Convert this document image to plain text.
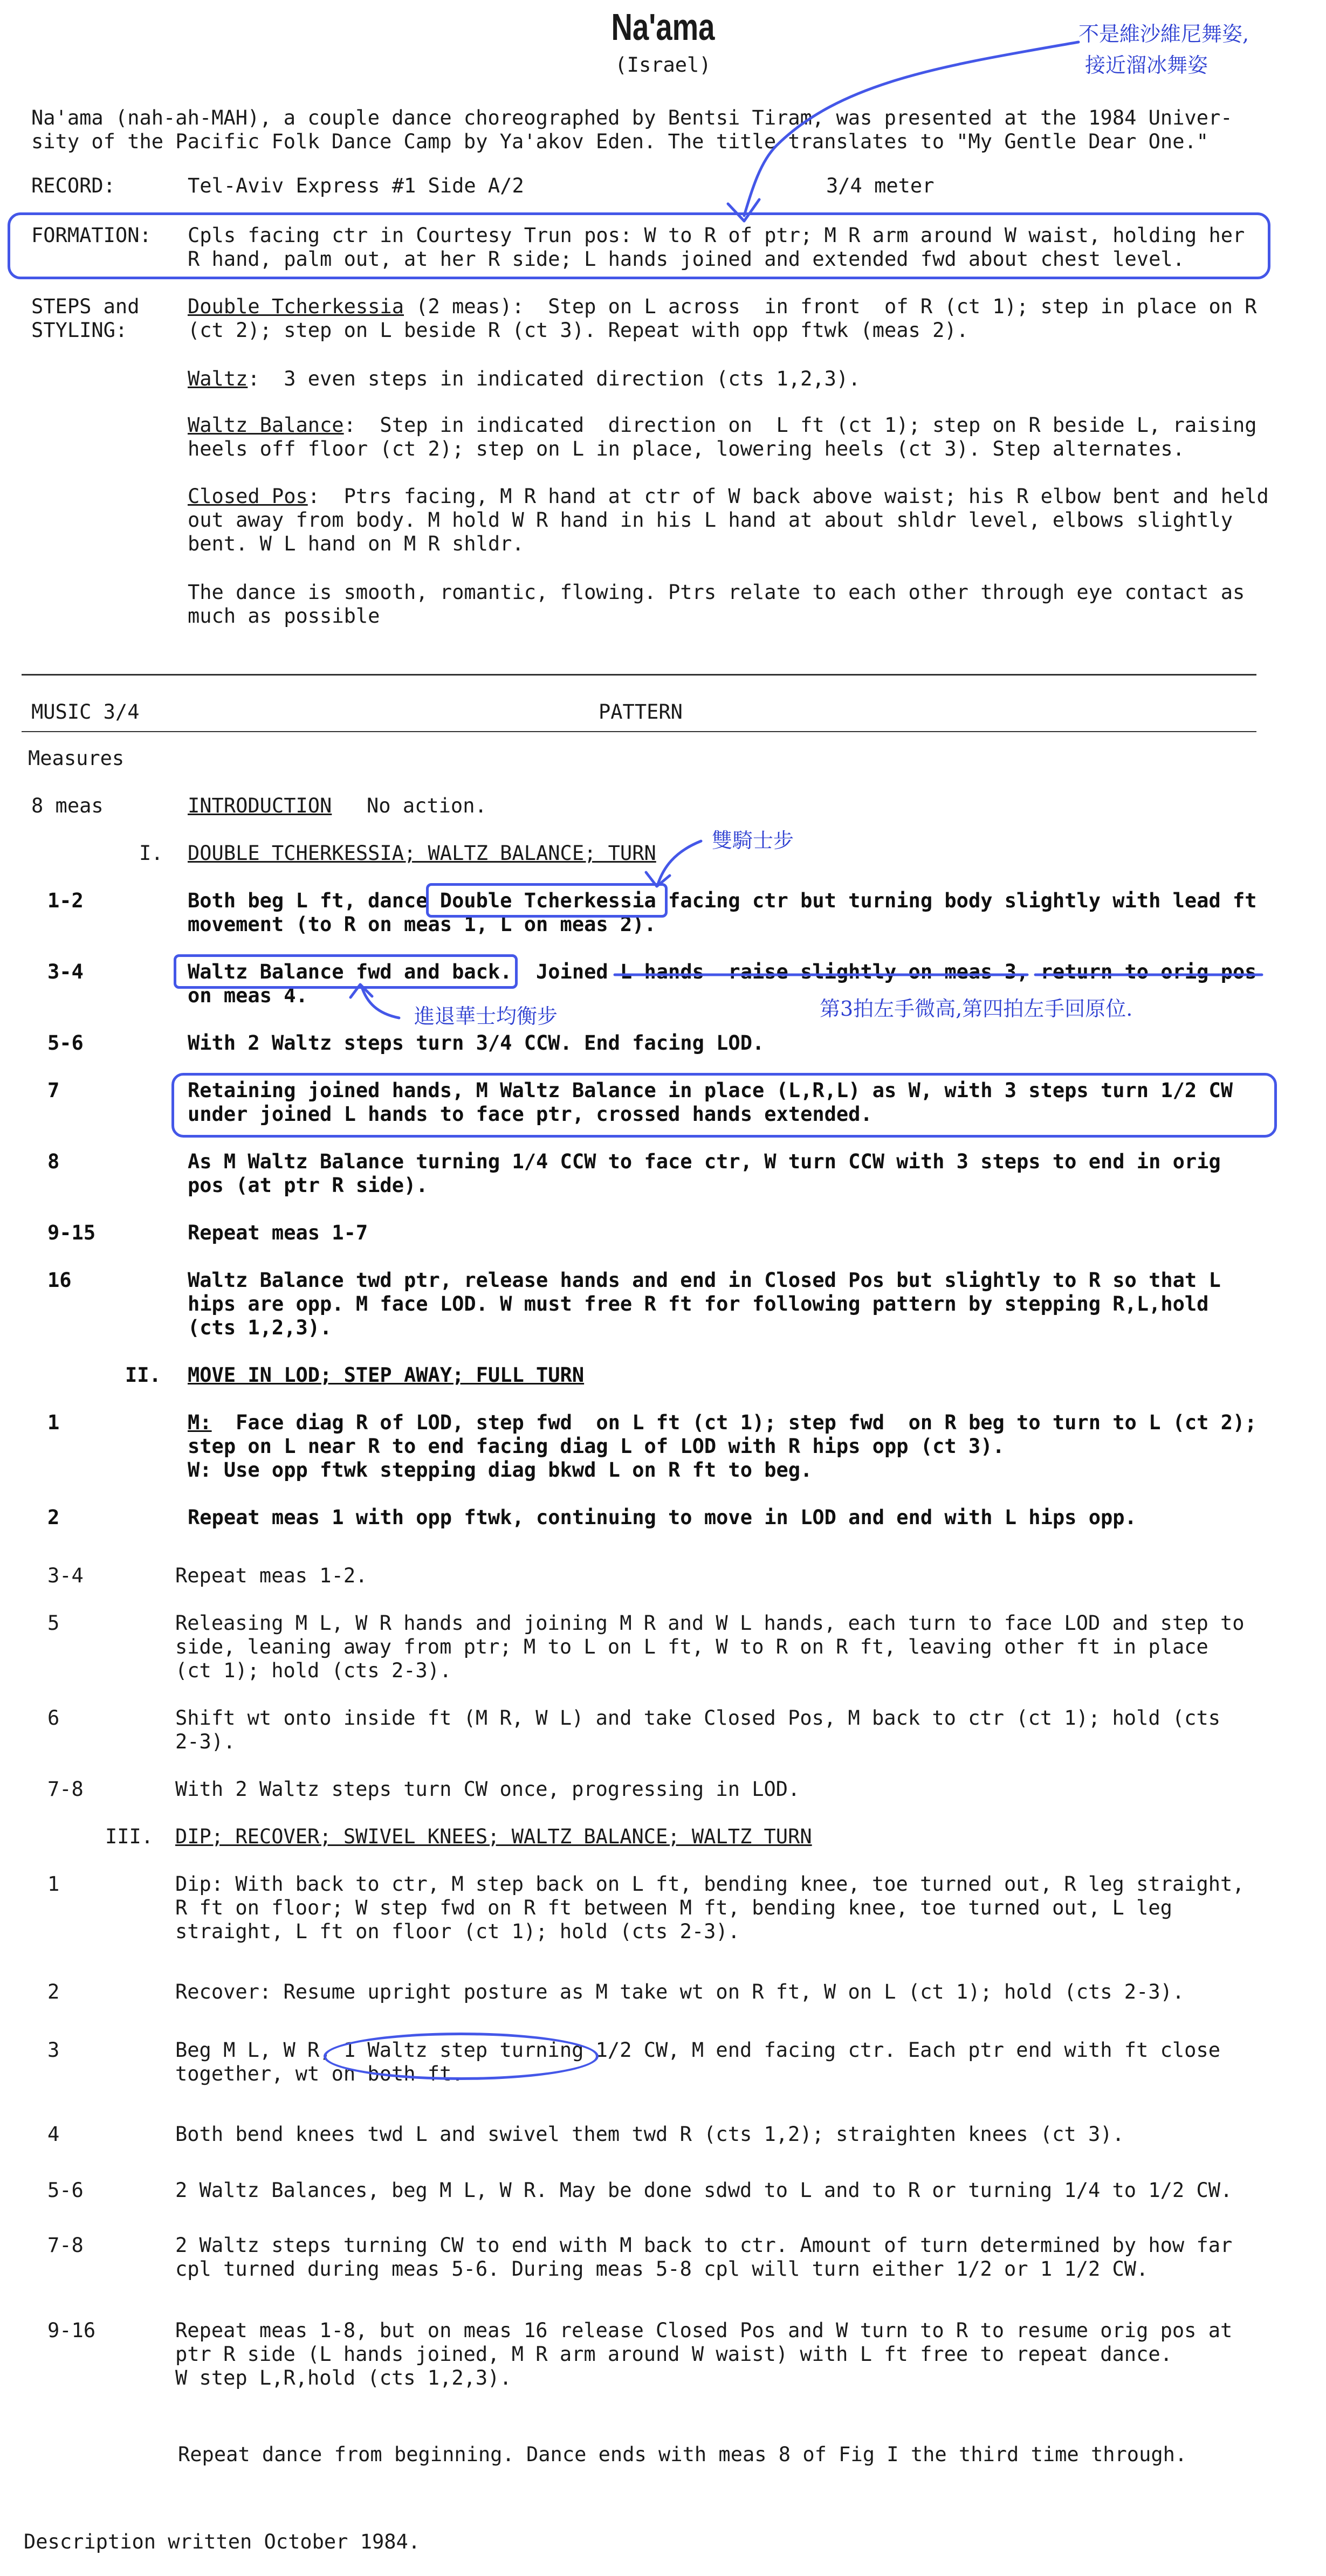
Na'ama
(Israel)
Na'ama (nah-ah-MAH), a couple dance choreographed by Bentsi Tiram, was presented at the 1984 Univer-
sity of the Pacific Folk Dance Camp by Ya'akov Eden. The title translates to "My Gentle Dear One."
RECORD:	Tel-Aviv Express #1 Side A/2	3/4 meter
FORMATION: Cpls facing ctr in Courtesy Trun pos: W to R of ptr; M R arm around W waist, holding her
R hand, palm out, at her R side; L hands joined and extended fwd about chest level.
STEPS and
STYLING:
Double Tcherkessia (2 meas):  Step on L across  in front  of R (ct 1); step in place on R
(ct 2); step on L beside R (ct 3). Repeat with opp ftwk (meas 2).
Waltz:  3 even steps in indicated direction (cts 1,2,3).
Waltz Balance:  Step in indicated  direction on  L ft (ct 1); step on R beside L, raising
heels off floor (ct 2); step on L in place, lowering heels (ct 3). Step alternates.
Closed Pos:  Ptrs facing, M R hand at ctr of W back above waist; his R elbow bent and held
out away from body. M hold W R hand in his L hand at about shldr level, elbows slightly
bent. W L hand on M R shldr.
The dance is smooth, romantic, flowing. Ptrs relate to each other through eye contact as
much as possible
MUSIC 3/4	PATTERN
Measures
8 meas	INTRODUCTION No action.
I. DOUBLE TCHERKESSIA; WALTZ BALANCE; TURN
1-2	Both beg L ft, dance Double Tcherkessia facing ctr but turning body slightly with lead ft
movement (to R on meas 1, L on meas 2).
3-4	Waltz Balance fwd and back.  Joined L hands  raise slightly on meas 3, return to orig pos
on meas 4.
5-6	With 2 Waltz steps turn 3/4 CCW. End facing LOD.
7	Retaining joined hands, M Waltz Balance in place (L,R,L) as W, with 3 steps turn 1/2 CW
under joined L hands to face ptr, crossed hands extended.
8	As M Waltz Balance turning 1/4 CCW to face ctr, W turn CCW with 3 steps to end in orig
pos (at ptr R side).
9-15	Repeat meas 1-7
16	Waltz Balance twd ptr, release hands and end in Closed Pos but slightly to R so that L
hips are opp. M face LOD. W must free R ft for following pattern by stepping R,L,hold
(cts 1,2,3).
II. MOVE IN LOD; STEP AWAY; FULL TURN
1	M:  Face diag R of LOD, step fwd  on L ft (ct 1); step fwd  on R beg to turn to L (ct 2);
step on L near R to end facing diag L of LOD with R hips opp (ct 3).
W: Use opp ftwk stepping diag bkwd L on R ft to beg.
2	Repeat meas 1 with opp ftwk, continuing to move in LOD and end with L hips opp.
3-4	Repeat meas 1-2.
5	Releasing M L, W R hands and joining M R and W L hands, each turn to face LOD and step to
side, leaning away from ptr; M to L on L ft, W to R on R ft, leaving other ft in place
(ct 1); hold (cts 2-3).
6	Shift wt onto inside ft (M R, W L) and take Closed Pos, M back to ctr (ct 1); hold (cts
2-3).
7-8	With 2 Waltz steps turn CW once, progressing in LOD.
III. DIP; RECOVER; SWIVEL KNEES; WALTZ BALANCE; WALTZ TURN
1	Dip: With back to ctr, M step back on L ft, bending knee, toe turned out, R leg straight,
R ft on floor; W step fwd on R ft between M ft, bending knee, toe turned out, L leg
straight, L ft on floor (ct 1); hold (cts 2-3).
2	Recover: Resume upright posture as M take wt on R ft, W on L (ct 1); hold (cts 2-3).
3	Beg M L, W R, 1 Waltz step turning 1/2 CW, M end facing ctr. Each ptr end with ft close
together, wt on both ft.
4	Both bend knees twd L and swivel them twd R (cts 1,2); straighten knees (ct 3).
5-6	2 Waltz Balances, beg M L, W R. May be done sdwd to L and to R or turning 1/4 to 1/2 CW.
7-8	2 Waltz steps turning CW to end with M back to ctr. Amount of turn determined by how far
cpl turned during meas 5-6. During meas 5-8 cpl will turn either 1/2 or 1 1/2 CW.
9-16	Repeat meas 1-8, but on meas 16 release Closed Pos and W turn to R to resume orig pos at
ptr R side (L hands joined, M R arm around W waist) with L ft free to repeat dance.
W step L,R,hold (cts 1,2,3).
Repeat dance from beginning. Dance ends with meas 8 of Fig I the third time through.
Description written October 1984.
不是維沙維尼舞姿,
接近溜冰舞姿
雙騎士步
進退華士均衡步	第3拍左手微高,第四拍左手回原位.
